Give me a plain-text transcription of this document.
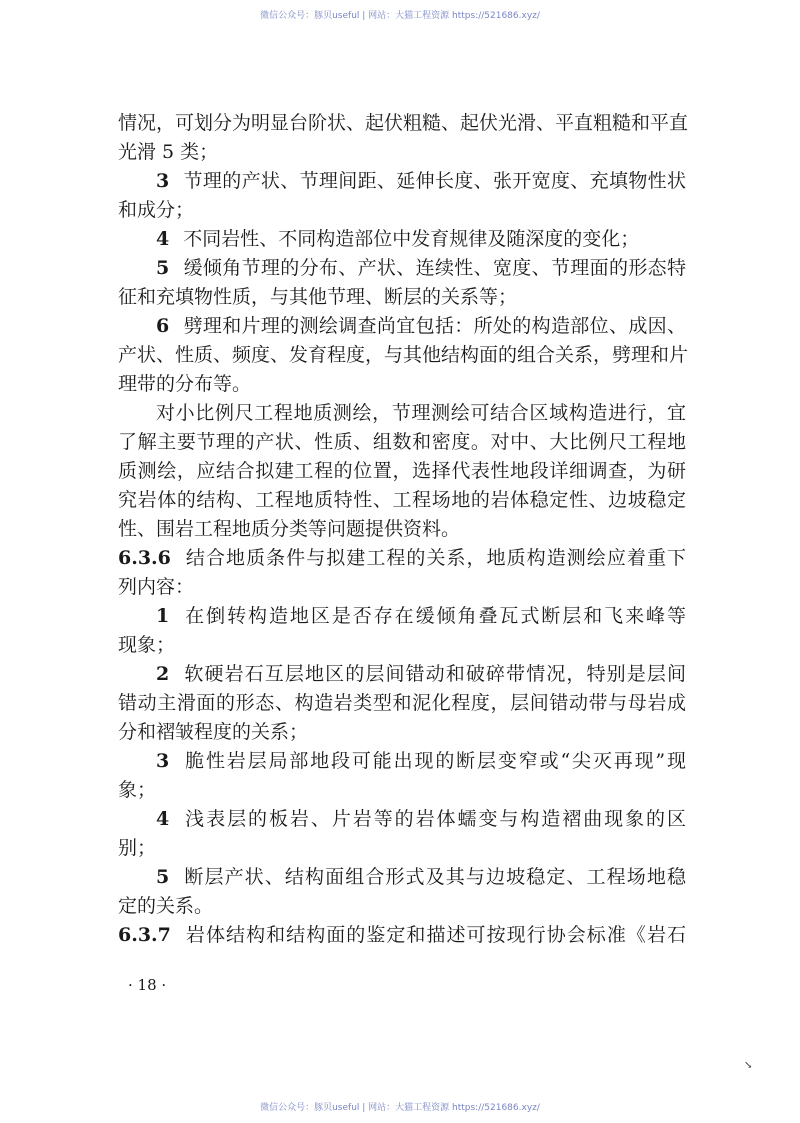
微信公众号：豚贝useful | 网站：大猫工程资源 https://521686.xyz/
情况，可划分为明显台阶状、起伏粗糙、起伏光滑、平直粗糙和平直
光滑 5 类；
3 节理的产状、节理间距、延伸长度、张开宽度、充填物性状
和成分；
4 不同岩性、不同构造部位中发育规律及随深度的变化；
5 缓倾角节理的分布、产状、连续性、宽度、节理面的形态特
征和充填物性质，与其他节理、断层的关系等；
6 劈理和片理的测绘调查尚宜包括：所处的构造部位、成因、
产状、性质、频度、发育程度，与其他结构面的组合关系，劈理和片
理带的分布等。
对小比例尺工程地质测绘，节理测绘可结合区域构造进行，宜
了解主要节理的产状、性质、组数和密度。对中、大比例尺工程地
质测绘，应结合拟建工程的位置，选择代表性地段详细调查，为研
究岩体的结构、工程地质特性、工程场地的岩体稳定性、边坡稳定
性、围岩工程地质分类等问题提供资料。
6.3.6 结合地质条件与拟建工程的关系，地质构造测绘应着重下
列内容：
1 在倒转构造地区是否存在缓倾角叠瓦式断层和飞来峰等
现象；
2 软硬岩石互层地区的层间错动和破碎带情况，特别是层间
错动主滑面的形态、构造岩类型和泥化程度，层间错动带与母岩成
分和褶皱程度的关系；
3 脆性岩层局部地段可能出现的断层变窄或“尖灭再现”现
象；
4 浅表层的板岩、片岩等的岩体蠕变与构造褶曲现象的区
别；
5 断层产状、结构面组合形式及其与边坡稳定、工程场地稳
定的关系。
6.3.7 岩体结构和结构面的鉴定和描述可按现行协会标准《岩石
· 18 ·
↘
微信公众号：豚贝useful | 网站：大猫工程资源 https://521686.xyz/
